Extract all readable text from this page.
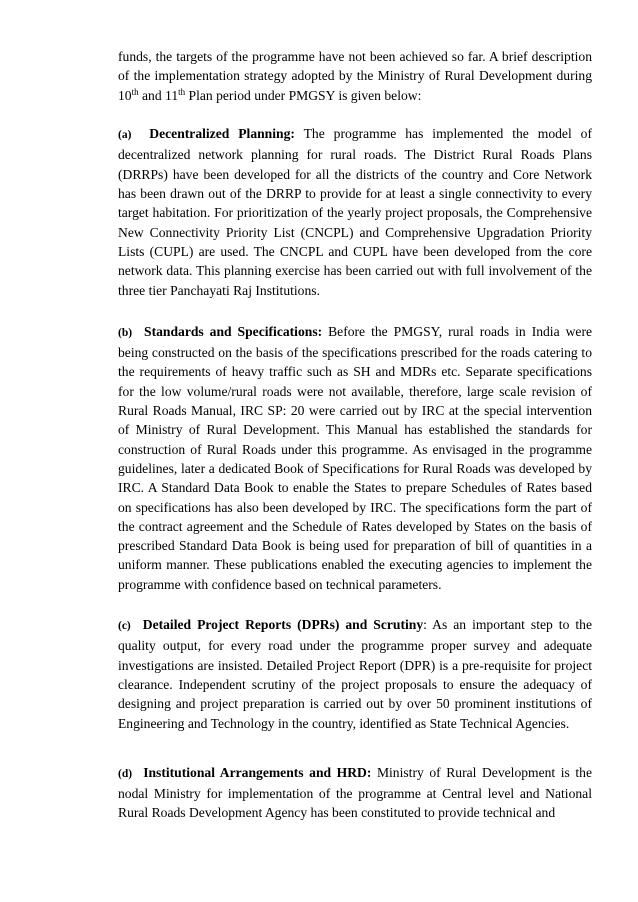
funds, the targets of the programme have not been achieved so far. A brief description of the implementation strategy adopted by the Ministry of Rural Development during 10th and 11th Plan period under PMGSY is given below:

(a) Decentralized Planning: The programme has implemented the model of decentralized network planning for rural roads. The District Rural Roads Plans (DRRPs) have been developed for all the districts of the country and Core Network has been drawn out of the DRRP to provide for at least a single connectivity to every target habitation. For prioritization of the yearly project proposals, the Comprehensive New Connectivity Priority List (CNCPL) and Comprehensive Upgradation Priority Lists (CUPL) are used. The CNCPL and CUPL have been developed from the core network data. This planning exercise has been carried out with full involvement of the three tier Panchayati Raj Institutions.

(b) Standards and Specifications: Before the PMGSY, rural roads in India were being constructed on the basis of the specifications prescribed for the roads catering to the requirements of heavy traffic such as SH and MDRs etc. Separate specifications for the low volume/rural roads were not available, therefore, large scale revision of Rural Roads Manual, IRC SP: 20 were carried out by IRC at the special intervention of Ministry of Rural Development. This Manual has established the standards for construction of Rural Roads under this programme. As envisaged in the programme guidelines, later a dedicated Book of Specifications for Rural Roads was developed by IRC. A Standard Data Book to enable the States to prepare Schedules of Rates based on specifications has also been developed by IRC. The specifications form the part of the contract agreement and the Schedule of Rates developed by States on the basis of prescribed Standard Data Book is being used for preparation of bill of quantities in a uniform manner. These publications enabled the executing agencies to implement the programme with confidence based on technical parameters.

(c) Detailed Project Reports (DPRs) and Scrutiny: As an important step to the quality output, for every road under the programme proper survey and adequate investigations are insisted. Detailed Project Report (DPR) is a pre-requisite for project clearance. Independent scrutiny of the project proposals to ensure the adequacy of designing and project preparation is carried out by over 50 prominent institutions of Engineering and Technology in the country, identified as State Technical Agencies.

(d) Institutional Arrangements and HRD: Ministry of Rural Development is the nodal Ministry for implementation of the programme at Central level and National Rural Roads Development Agency has been constituted to provide technical and
